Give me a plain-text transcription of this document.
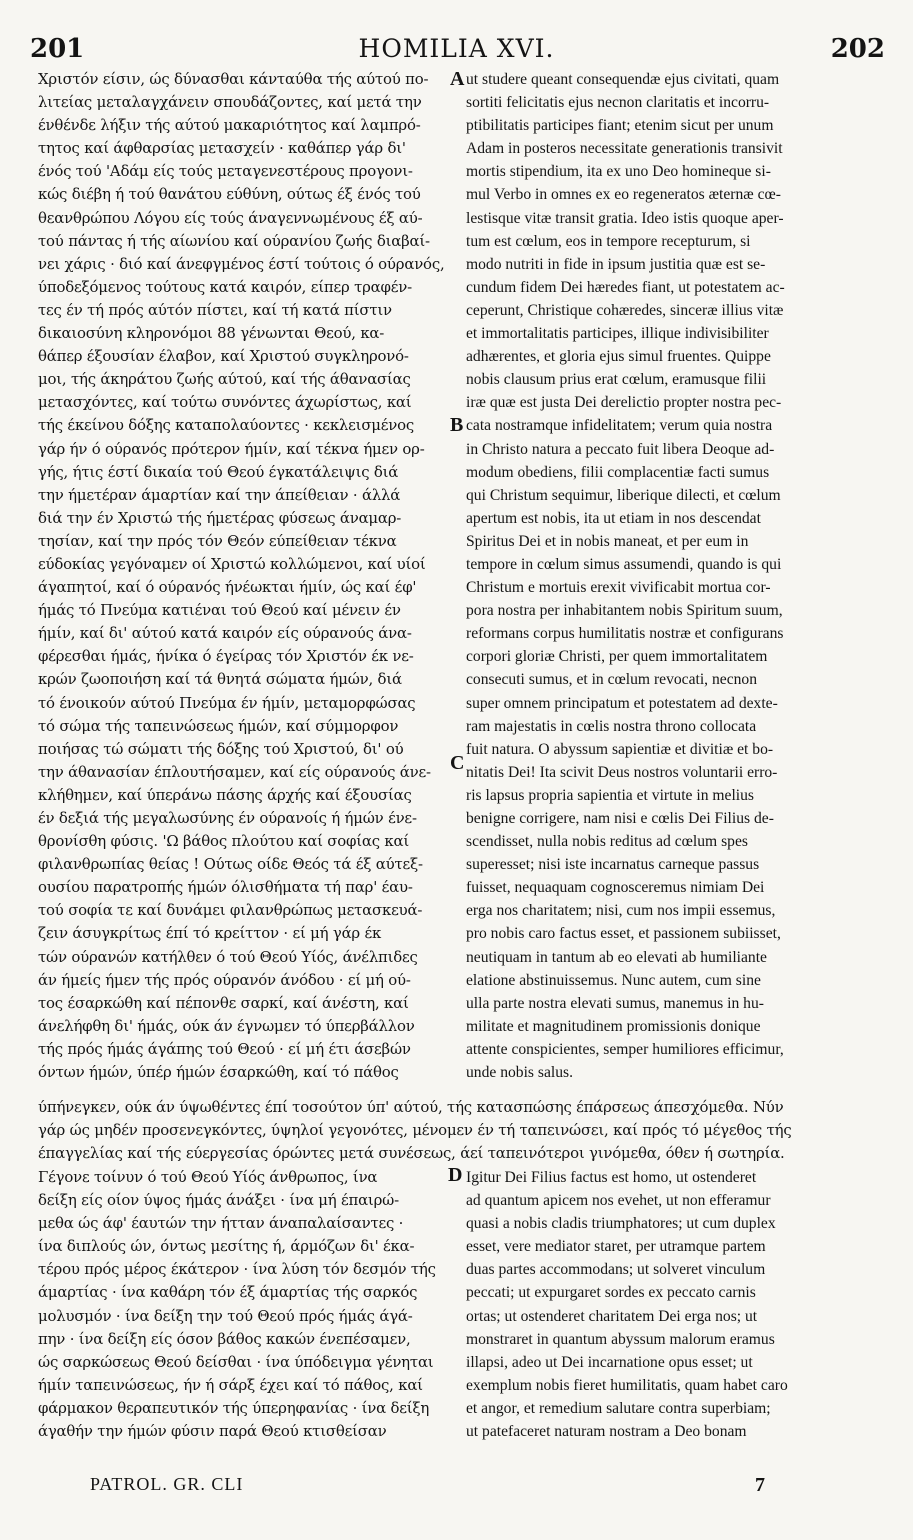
201	HOMILIA XVI.	202
Χριστόν είσιν, ώς δύνασθαι κάνταύθα τής αύτού πο-
λιτείας μεταλαγχάνειν σπουδάζοντες, καί μετά την
ένθένδε λήξιν τής αύτού μακαριότητος καί λαμπρό-
τητος καί άφθαρσίας μετασχείν · καθάπερ γάρ δι'
ένός τού 'Αδάμ είς τούς μεταγενεστέρους προγονι-
κώς διέβη ή τού θανάτου εύθύνη, ούτως έξ ένός τού
θεανθρώπου Λόγου είς τούς άναγεννωμένους έξ αύ-
τού πάντας ή τής αίωνίου καί ούρανίου ζωής διαβαί-
νει χάρις · διό καί άνεφγμένος έστί τούτοις ό ούρανός,
ύποδεξόμενος τούτους κατά καιρόν, είπερ τραφέν-
τες έν τή πρός αύτόν πίστει, καί τή κατά πίστιν
δικαιοσύνη κληρονόμοι 88 γένωνται Θεού, κα-
θάπερ έξουσίαν έλαβον, καί Χριστού συγκληρονό-
μοι, τής άκηράτου ζωής αύτού, καί τής άθανασίας
μετασχόντες, καί τούτω συνόντες άχωρίστως, καί
τής έκείνου δόξης καταπολαύοντες · κεκλεισμένος
γάρ ήν ό ούρανός πρότερον ήμίν, καί τέκνα ήμεν ορ-
γής, ήτις έστί δικαία τού Θεού έγκατάλειψις διά
την ήμετέραν άμαρτίαν καί την άπείθειαν · άλλά
διά την έν Χριστώ τής ήμετέρας φύσεως άναμαρ-
τησίαν, καί την πρός τόν Θεόν εύπείθειαν τέκνα
εύδοκίας γεγόναμεν οί Χριστώ κολλώμενοι, καί υίοί
άγαπητοί, καί ό ούρανός ήνέωκται ήμίν, ώς καί έφ'
ήμάς τό Πνεύμα κατιέναι τού Θεού καί μένειν έν
ήμίν, καί δι' αύτού κατά καιρόν είς ούρανούς άνα-
φέρεσθαι ήμάς, ήνίκα ό έγείρας τόν Χριστόν έκ νε-
κρών ζωοποιήση καί τά θνητά σώματα ήμών, διά
τό ένοικούν αύτού Πνεύμα έν ήμίν, μεταμορφώσας
τό σώμα τής ταπεινώσεως ήμών, καί σύμμορφον
ποιήσας τώ σώματι τής δόξης τού Χριστού, δι' ού
την άθανασίαν έπλουτήσαμεν, καί είς ούρανούς άνε-
κλήθημεν, καί ύπεράνω πάσης άρχής καί έξουσίας
έν δεξιά τής μεγαλωσύνης έν ούρανοίς ή ήμών ένε-
θρονίσθη φύσις. 'Ω βάθος πλούτου καί σοφίας καί
φιλανθρωπίας θείας ! Ούτως οίδε Θεός τά έξ αύτεξ-
ουσίου παρατροπής ήμών όλισθήματα τή παρ' έαυ-
τού σοφία τε καί δυνάμει φιλανθρώπως μετασκευά-
ζειν άσυγκρίτως έπί τό κρείττον · εί μή γάρ έκ
τών ούρανών κατήλθεν ό τού Θεού Υίός, άνέλπιδες
άν ήμείς ήμεν τής πρός ούρανόν άνόδου · εί μή ού-
τος έσαρκώθη καί πέπονθε σαρκί, καί άνέστη, καί
άνελήφθη δι' ήμάς, ούκ άν έγνωμεν τό ύπερβάλλον
τής πρός ήμάς άγάπης τού Θεού · εί μή έτι άσεβών
όντων ήμών, ύπέρ ήμών έσαρκώθη, καί τό πάθος
ut studere queant consequendæ ejus civitati, quam
sortiti felicitatis ejus necnon claritatis et incorru-
ptibilitatis participes fiant; etenim sicut per unum
Adam in posteros necessitate generationis transivit
mortis stipendium, ita ex uno Deo homineque si-
mul Verbo in omnes ex eo regeneratos æternæ cœ-
lestisque vitæ transit gratia. Ideo istis quoque aper-
tum est cœlum, eos in tempore recepturum, si
modo nutriti in fide in ipsum justitia quæ est se-
cundum fidem Dei hæredes fiant, ut potestatem ac-
ceperunt, Christique cohæredes, sinceræ illius vitæ
et immortalitatis participes, illique indivisibiliter
adhærentes, et gloria ejus simul fruentes. Quippe
nobis clausum prius erat cœlum, eramusque filii
iræ quæ est justa Dei derelictio propter nostra pec-
cata nostramque infidelitatem; verum quia nostra
in Christo natura a peccato fuit libera Deoque ad-
modum obediens, filii complacentiæ facti sumus
qui Christum sequimur, liberique dilecti, et cœlum
apertum est nobis, ita ut etiam in nos descendat
Spiritus Dei et in nobis maneat, et per eum in
tempore in cœlum simus assumendi, quando is qui
Christum e mortuis erexit vivificabit mortua cor-
pora nostra per inhabitantem nobis Spiritum suum,
reformans corpus humilitatis nostræ et configurans
corpori gloriæ Christi, per quem immortalitatem
consecuti sumus, et in cœlum revocati, necnon
super omnem principatum et potestatem ad dexte-
ram majestatis in cœlis nostra throno collocata
fuit natura. O abyssum sapientiæ et divitiæ et bo-
nitatis Dei! Ita scivit Deus nostros voluntarii erro-
ris lapsus propria sapientia et virtute in melius
benigne corrigere, nam nisi e cœlis Dei Filius de-
scendisset, nulla nobis reditus ad cœlum spes
superesset; nisi iste incarnatus carneque passus
fuisset, nequaquam cognosceremus nimiam Dei
erga nos charitatem; nisi, cum nos impii essemus,
pro nobis caro factus esset, et passionem subiisset,
neutiquam in tantum ab eo elevati ab humiliante
elatione abstinuissemus. Nunc autem, cum sine
ulla parte nostra elevati sumus, manemus in hu-
militate et magnitudinem promissionis donique
attente conspicientes, semper humiliores efficimur,
unde nobis salus.
A
B
C
ύπήνεγκεν, ούκ άν ύψωθέντες έπί τοσούτον ύπ' αύτού, τής κατασπώσης έπάρσεως άπεσχόμεθα. Νύν
γάρ ώς μηδέν προσενεγκόντες, ύψηλοί γεγονότες, μένομεν έν τή ταπεινώσει, καί πρός τό μέγεθος τής
έπαγγελίας καί τής εύεργεσίας όρώντες μετά συνέσεως, άεί ταπεινότεροι γινόμεθα, όθεν ή σωτηρία.
D
Γέγονε τοίνυν ό τού Θεού Υίός άνθρωπος, ίνα
δείξη είς οίον ύψος ήμάς άνάξει · ίνα μή έπαιρώ-
μεθα ώς άφ' έαυτών την ήτταν άναπαλαίσαντες ·
ίνα διπλούς ών, όντως μεσίτης ή, άρμόζων δι' έκα-
τέρου πρός μέρος έκάτερον · ίνα λύση τόν δεσμόν τής
άμαρτίας · ίνα καθάρη τόν έξ άμαρτίας τής σαρκός
μολυσμόν · ίνα δείξη την τού Θεού πρός ήμάς άγά-
πην · ίνα δείξη είς όσον βάθος κακών ένεπέσαμεν,
ώς σαρκώσεως Θεού δείσθαι · ίνα ύπόδειγμα γένηται
ήμίν ταπεινώσεως, ήν ή σάρξ έχει καί τό πάθος, καί
φάρμακον θεραπευτικόν τής ύπερηφανίας · ίνα δείξη
άγαθήν την ήμών φύσιν παρά Θεού κτισθείσαν
Igitur Dei Filius factus est homo, ut ostenderet
ad quantum apicem nos evehet, ut non efferamur
quasi a nobis cladis triumphatores; ut cum duplex
esset, vere mediator staret, per utramque partem
duas partes accommodans; ut solveret vinculum
peccati; ut expurgaret sordes ex peccato carnis
ortas; ut ostenderet charitatem Dei erga nos; ut
monstraret in quantum abyssum malorum eramus
illapsi, adeo ut Dei incarnatione opus esset; ut
exemplum nobis fieret humilitatis, quam habet caro
et angor, et remedium salutare contra superbiam;
ut patefaceret naturam nostram a Deo bonam
PATROL. GR. CLI	7
